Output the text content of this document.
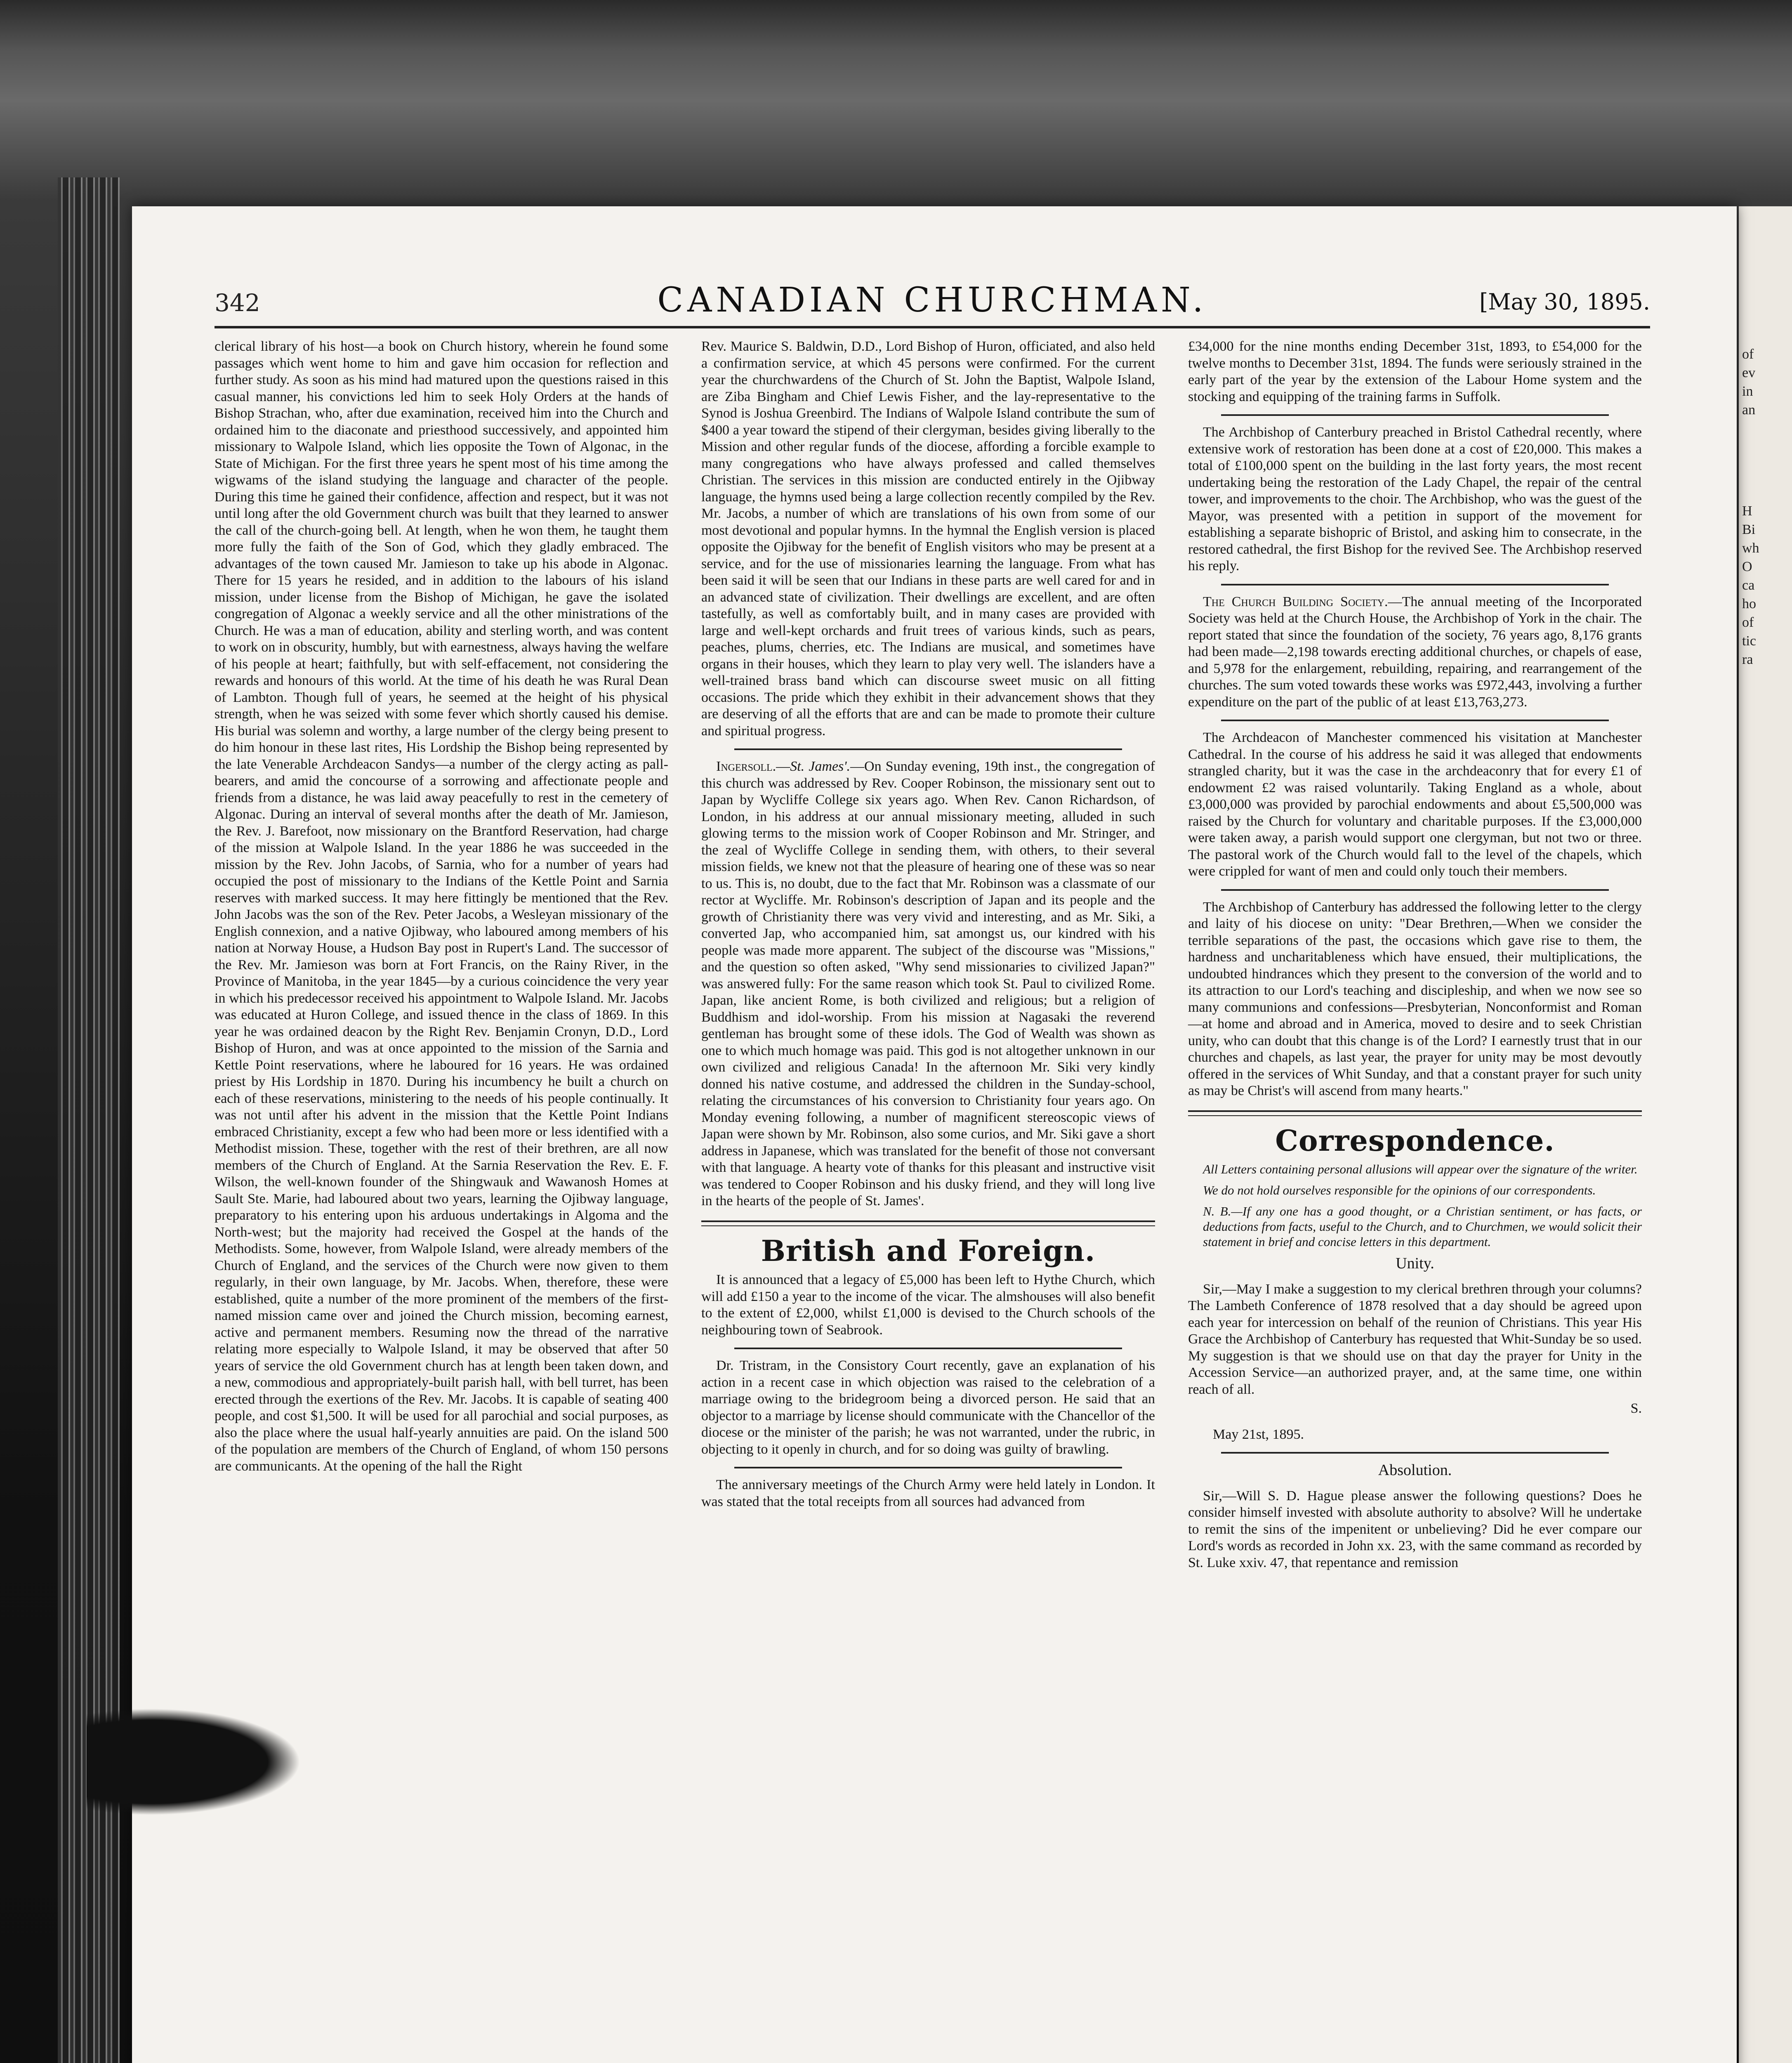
of
ev
in
an
H
Bi
wh
O
ca
ho
of
tic
ra
342	CANADIAN CHURCHMAN.	[May 30, 1895.

clerical library of his host—a book on Church history, wherein he found some passages which went home to him and gave him occasion for reflection and further study. As soon as his mind had matured upon the questions raised in this casual manner, his convictions led him to seek Holy Orders at the hands of Bishop Strachan, who, after due examination, received him into the Church and ordained him to the diaconate and priesthood successively, and appointed him missionary to Walpole Island, which lies opposite the Town of Algonac, in the State of Michigan. For the first three years he spent most of his time among the wigwams of the island studying the language and character of the people. During this time he gained their confidence, affection and respect, but it was not until long after the old Government church was built that they learned to answer the call of the church-going bell. At length, when he won them, he taught them more fully the faith of the Son of God, which they gladly embraced. The advantages of the town caused Mr. Jamieson to take up his abode in Algonac. There for 15 years he resided, and in addition to the labours of his island mission, under license from the Bishop of Michigan, he gave the isolated congregation of Algonac a weekly service and all the other ministrations of the Church. He was a man of education, ability and sterling worth, and was content to work on in obscurity, humbly, but with earnestness, always having the welfare of his people at heart; faithfully, but with self-effacement, not considering the rewards and honours of this world. At the time of his death he was Rural Dean of Lambton. Though full of years, he seemed at the height of his physical strength, when he was seized with some fever which shortly caused his demise. His burial was solemn and worthy, a large number of the clergy being present to do him honour in these last rites, His Lordship the Bishop being represented by the late Venerable Archdeacon Sandys—a number of the clergy acting as pall-bearers, and amid the concourse of a sorrowing and affectionate people and friends from a distance, he was laid away peacefully to rest in the cemetery of Algonac. During an interval of several months after the death of Mr. Jamieson, the Rev. J. Barefoot, now missionary on the Brantford Reservation, had charge of the mission at Walpole Island. In the year 1886 he was succeeded in the mission by the Rev. John Jacobs, of Sarnia, who for a number of years had occupied the post of missionary to the Indians of the Kettle Point and Sarnia reserves with marked success. It may here fittingly be mentioned that the Rev. John Jacobs was the son of the Rev. Peter Jacobs, a Wesleyan missionary of the English connexion, and a native Ojibway, who laboured among members of his nation at Norway House, a Hudson Bay post in Rupert's Land. The successor of the Rev. Mr. Jamieson was born at Fort Francis, on the Rainy River, in the Province of Manitoba, in the year 1845—by a curious coincidence the very year in which his predecessor received his appointment to Walpole Island. Mr. Jacobs was educated at Huron College, and issued thence in the class of 1869. In this year he was ordained deacon by the Right Rev. Benjamin Cronyn, D.D., Lord Bishop of Huron, and was at once appointed to the mission of the Sarnia and Kettle Point reservations, where he laboured for 16 years. He was ordained priest by His Lordship in 1870. During his incumbency he built a church on each of these reservations, ministering to the needs of his people continually. It was not until after his advent in the mission that the Kettle Point Indians embraced Christianity, except a few who had been more or less identified with a Methodist mission. These, together with the rest of their brethren, are all now members of the Church of England. At the Sarnia Reservation the Rev. E. F. Wilson, the well-known founder of the Shingwauk and Wawanosh Homes at Sault Ste. Marie, had laboured about two years, learning the Ojibway language, preparatory to his entering upon his arduous undertakings in Algoma and the North-west; but the majority had received the Gospel at the hands of the Methodists. Some, however, from Walpole Island, were already members of the Church of England, and the services of the Church were now given to them regularly, in their own language, by Mr. Jacobs. When, therefore, these were established, quite a number of the more prominent of the members of the first-named mission came over and joined the Church mission, becoming earnest, active and permanent members. Resuming now the thread of the narrative relating more especially to Walpole Island, it may be observed that after 50 years of service the old Government church has at length been taken down, and a new, commodious and appropriately-built parish hall, with bell turret, has been erected through the exertions of the Rev. Mr. Jacobs. It is capable of seating 400 people, and cost $1,500. It will be used for all parochial and social purposes, as also the place where the usual half-yearly annuities are paid. On the island 500 of the population are members of the Church of England, of whom 150 persons are communicants. At the opening of the hall the Right

Rev. Maurice S. Baldwin, D.D., Lord Bishop of Huron, officiated, and also held a confirmation service, at which 45 persons were confirmed. For the current year the churchwardens of the Church of St. John the Baptist, Walpole Island, are Ziba Bingham and Chief Lewis Fisher, and the lay-representative to the Synod is Joshua Greenbird. The Indians of Walpole Island contribute the sum of $400 a year toward the stipend of their clergyman, besides giving liberally to the Mission and other regular funds of the diocese, affording a forcible example to many congregations who have always professed and called themselves Christian. The services in this mission are conducted entirely in the Ojibway language, the hymns used being a large collection recently compiled by the Rev. Mr. Jacobs, a number of which are translations of his own from some of our most devotional and popular hymns. In the hymnal the English version is placed opposite the Ojibway for the benefit of English visitors who may be present at a service, and for the use of missionaries learning the language. From what has been said it will be seen that our Indians in these parts are well cared for and in an advanced state of civilization. Their dwellings are excellent, and are often tastefully, as well as comfortably built, and in many cases are provided with large and well-kept orchards and fruit trees of various kinds, such as pears, peaches, plums, cherries, etc. The Indians are musical, and sometimes have organs in their houses, which they learn to play very well. The islanders have a well-trained brass band which can discourse sweet music on all fitting occasions. The pride which they exhibit in their advancement shows that they are deserving of all the efforts that are and can be made to promote their culture and spiritual progress.

Ingersoll.—St. James'.—On Sunday evening, 19th inst., the congregation of this church was addressed by Rev. Cooper Robinson, the missionary sent out to Japan by Wycliffe College six years ago. When Rev. Canon Richardson, of London, in his address at our annual missionary meeting, alluded in such glowing terms to the mission work of Cooper Robinson and Mr. Stringer, and the zeal of Wycliffe College in sending them, with others, to their several mission fields, we knew not that the pleasure of hearing one of these was so near to us. This is, no doubt, due to the fact that Mr. Robinson was a classmate of our rector at Wycliffe. Mr. Robinson's description of Japan and its people and the growth of Christianity there was very vivid and interesting, and as Mr. Siki, a converted Jap, who accompanied him, sat amongst us, our kindred with his people was made more apparent. The subject of the discourse was "Missions," and the question so often asked, "Why send missionaries to civilized Japan?" was answered fully: For the same reason which took St. Paul to civilized Rome. Japan, like ancient Rome, is both civilized and religious; but a religion of Buddhism and idol-worship. From his mission at Nagasaki the reverend gentleman has brought some of these idols. The God of Wealth was shown as one to which much homage was paid. This god is not altogether unknown in our own civilized and religious Canada! In the afternoon Mr. Siki very kindly donned his native costume, and addressed the children in the Sunday-school, relating the circumstances of his conversion to Christianity four years ago. On Monday evening following, a number of magnificent stereoscopic views of Japan were shown by Mr. Robinson, also some curios, and Mr. Siki gave a short address in Japanese, which was translated for the benefit of those not conversant with that language. A hearty vote of thanks for this pleasant and instructive visit was tendered to Cooper Robinson and his dusky friend, and they will long live in the hearts of the people of St. James'.

British and Foreign.

It is announced that a legacy of £5,000 has been left to Hythe Church, which will add £150 a year to the income of the vicar. The almshouses will also benefit to the extent of £2,000, whilst £1,000 is devised to the Church schools of the neighbouring town of Seabrook.

Dr. Tristram, in the Consistory Court recently, gave an explanation of his action in a recent case in which objection was raised to the celebration of a marriage owing to the bridegroom being a divorced person. He said that an objector to a marriage by license should communicate with the Chancellor of the diocese or the minister of the parish; he was not warranted, under the rubric, in objecting to it openly in church, and for so doing was guilty of brawling.

The anniversary meetings of the Church Army were held lately in London. It was stated that the total receipts from all sources had advanced from

£34,000 for the nine months ending December 31st, 1893, to £54,000 for the twelve months to December 31st, 1894. The funds were seriously strained in the early part of the year by the extension of the Labour Home system and the stocking and equipping of the training farms in Suffolk.

The Archbishop of Canterbury preached in Bristol Cathedral recently, where extensive work of restoration has been done at a cost of £20,000. This makes a total of £100,000 spent on the building in the last forty years, the most recent undertaking being the restoration of the Lady Chapel, the repair of the central tower, and improvements to the choir. The Archbishop, who was the guest of the Mayor, was presented with a petition in support of the movement for establishing a separate bishopric of Bristol, and asking him to consecrate, in the restored cathedral, the first Bishop for the revived See. The Archbishop reserved his reply.

The Church Building Society.—The annual meeting of the Incorporated Society was held at the Church House, the Archbishop of York in the chair. The report stated that since the foundation of the society, 76 years ago, 8,176 grants had been made—2,198 towards erecting additional churches, or chapels of ease, and 5,978 for the enlargement, rebuilding, repairing, and rearrangement of the churches. The sum voted towards these works was £972,443, involving a further expenditure on the part of the public of at least £13,763,273.

The Archdeacon of Manchester commenced his visitation at Manchester Cathedral. In the course of his address he said it was alleged that endowments strangled charity, but it was the case in the archdeaconry that for every £1 of endowment £2 was raised voluntarily. Taking England as a whole, about £3,000,000 was provided by parochial endowments and about £5,500,000 was raised by the Church for voluntary and charitable purposes. If the £3,000,000 were taken away, a parish would support one clergyman, but not two or three. The pastoral work of the Church would fall to the level of the chapels, which were crippled for want of men and could only touch their members.

The Archbishop of Canterbury has addressed the following letter to the clergy and laity of his diocese on unity: "Dear Brethren,—When we consider the terrible separations of the past, the occasions which gave rise to them, the hardness and uncharitableness which have ensued, their multiplications, the undoubted hindrances which they present to the conversion of the world and to its attraction to our Lord's teaching and discipleship, and when we now see so many communions and confessions—Presbyterian, Nonconformist and Roman—at home and abroad and in America, moved to desire and to seek Christian unity, who can doubt that this change is of the Lord? I earnestly trust that in our churches and chapels, as last year, the prayer for unity may be most devoutly offered in the services of Whit Sunday, and that a constant prayer for such unity as may be Christ's will ascend from many hearts."

Correspondence.

All Letters containing personal allusions will appear over the signature of the writer.

We do not hold ourselves responsible for the opinions of our correspondents.

N. B.—If any one has a good thought, or a Christian sentiment, or has facts, or deductions from facts, useful to the Church, and to Churchmen, we would solicit their statement in brief and concise letters in this department.

Unity.

Sir,—May I make a suggestion to my clerical brethren through your columns? The Lambeth Conference of 1878 resolved that a day should be agreed upon each year for intercession on behalf of the reunion of Christians. This year His Grace the Archbishop of Canterbury has requested that Whit-Sunday be so used. My suggestion is that we should use on that day the prayer for Unity in the Accession Service—an authorized prayer, and, at the same time, one within reach of all.

S.

May 21st, 1895.

Absolution.

Sir,—Will S. D. Hague please answer the following questions? Does he consider himself invested with absolute authority to absolve? Will he undertake to remit the sins of the impenitent or unbelieving? Did he ever compare our Lord's words as recorded in John xx. 23, with the same command as recorded by St. Luke xxiv. 47, that repentance and remission
